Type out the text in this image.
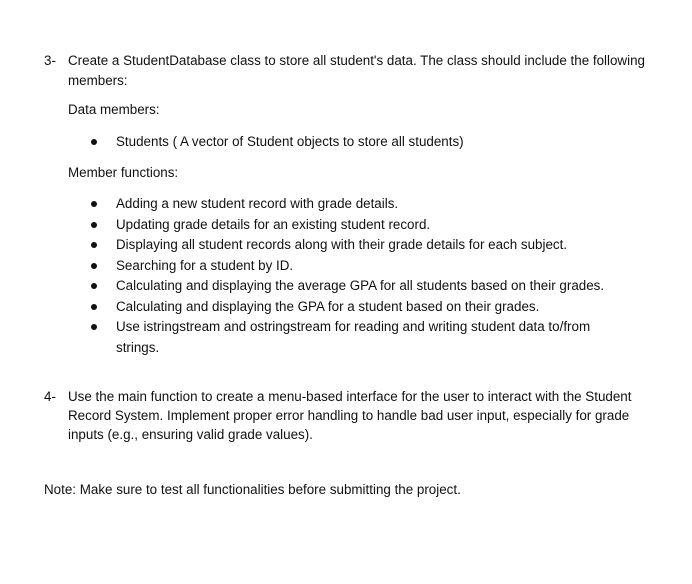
3- Create a StudentDatabase class to store all student's data. The class should include the following
members:
Data members:
Students ( A vector of Student objects to store all students)
Member functions:
Adding a new student record with grade details.
Updating grade details for an existing student record.
Displaying all student records along with their grade details for each subject.
Searching for a student by ID.
Calculating and displaying the average GPA for all students based on their grades.
Calculating and displaying the GPA for a student based on their grades.
Use istringstream and ostringstream for reading and writing student data to/from
strings.
4- Use the main function to create a menu-based interface for the user to interact with the Student
Record System. Implement proper error handling to handle bad user input, especially for grade
inputs (e.g., ensuring valid grade values).
Note: Make sure to test all functionalities before submitting the project.
